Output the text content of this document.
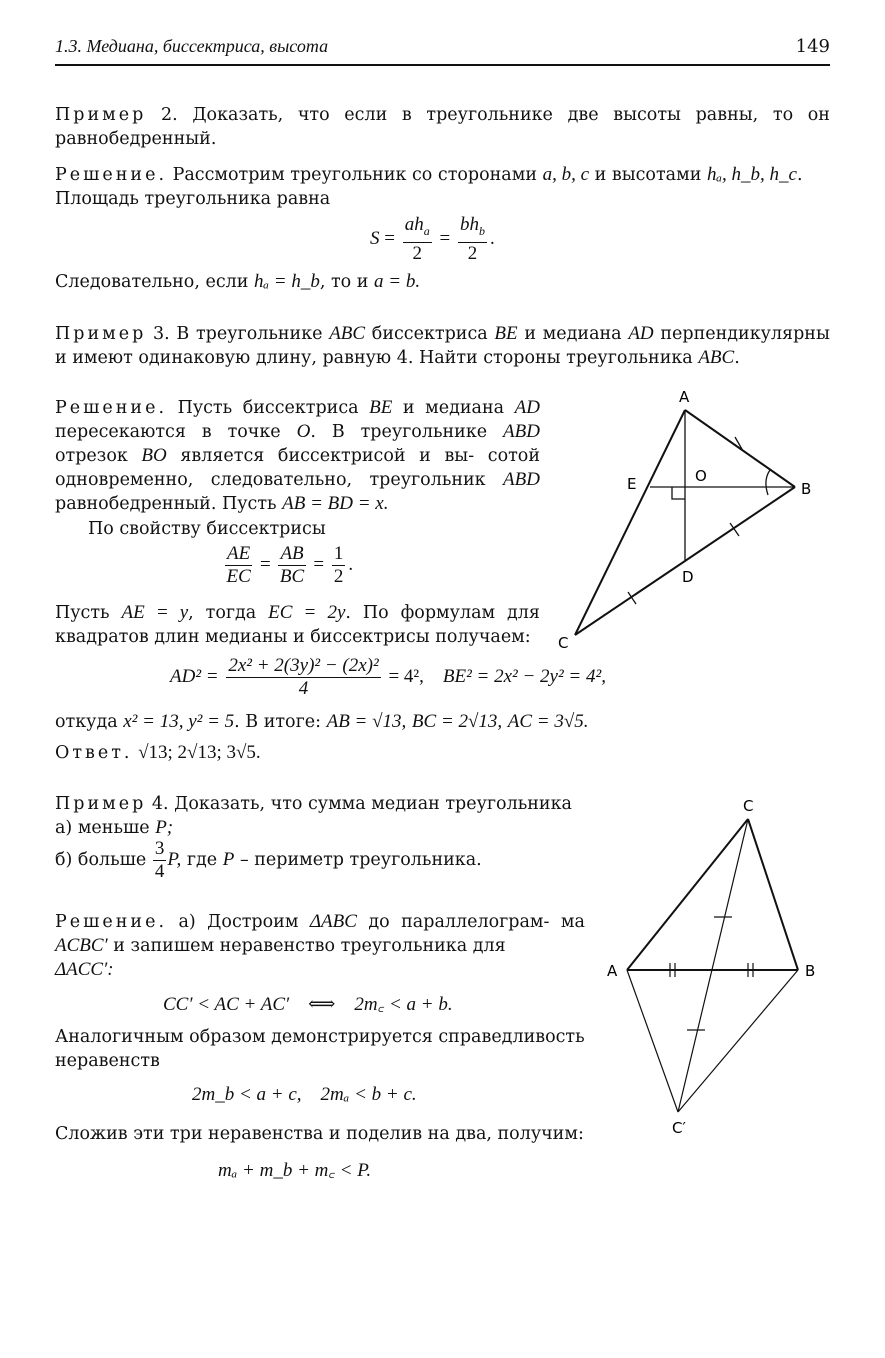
1.3. Медиана, биссектриса, высота	149
Пример 2. Доказать, что если в треугольнике две высоты равны, то он равнобедренный.
Решение. Рассмотрим треугольник со сторонами a, b, c и высотами hₐ, h_b, h_c.
Площадь треугольника равна
$S = \frac{ah_a}{2} = \frac{bh_b}{2}$ .
Следовательно, если hₐ = h_b, то и a = b.
Пример 3. В треугольнике ABC биссектриса BE и медиана AD перпендикулярны и имеют одинаковую длину, равную 4. Найти стороны треугольника ABC.
Решение. Пусть биссектриса BE и медиана AD пересекаются в точке O. В треугольнике ABD отрезок BO является биссектрисой и вы- сотой одновременно, следовательно, треугольник ABD равнобедренный. Пусть AB = BD = x.
По свойству биссектрисы
$\frac{AE}{EC} = \frac{AB}{BC} = \frac{1}{2}$ .
Пусть AE = y, тогда EC = 2y. По формулам для квадратов длин медианы и биссектрисы получаем:
$AD^2 = \frac{\text{2x² + 2(3y)² − (2x)²}}{4} = 4^2$, BE² = 2x² − 2y² = 4²,
откуда x² = 13, y² = 5. В итоге: AB = √13, BC = 2√13, AC = 3√5.
Ответ. √13; 2√13; 3√5.
A
B
C
D
E	O
Пример 4. Доказать, что сумма медиан треугольника
а) меньше P;
б) больше $\frac{3}{4} P$, где P – периметр треугольника.
Решение. а) Достроим ΔABC до параллелограм- ма ACBC′ и запишем неравенство треугольника для
ΔACC′:
CC′ < AC + AC′ ⟺ 2m꜀ < a + b.
Аналогичным образом демонстрируется справедливость неравенств
2m_b < a + c, 2mₐ < b + c.
Сложив эти три неравенства и поделив на два, получим:
mₐ + m_b + m꜀ < P.
C
A	B
C′
